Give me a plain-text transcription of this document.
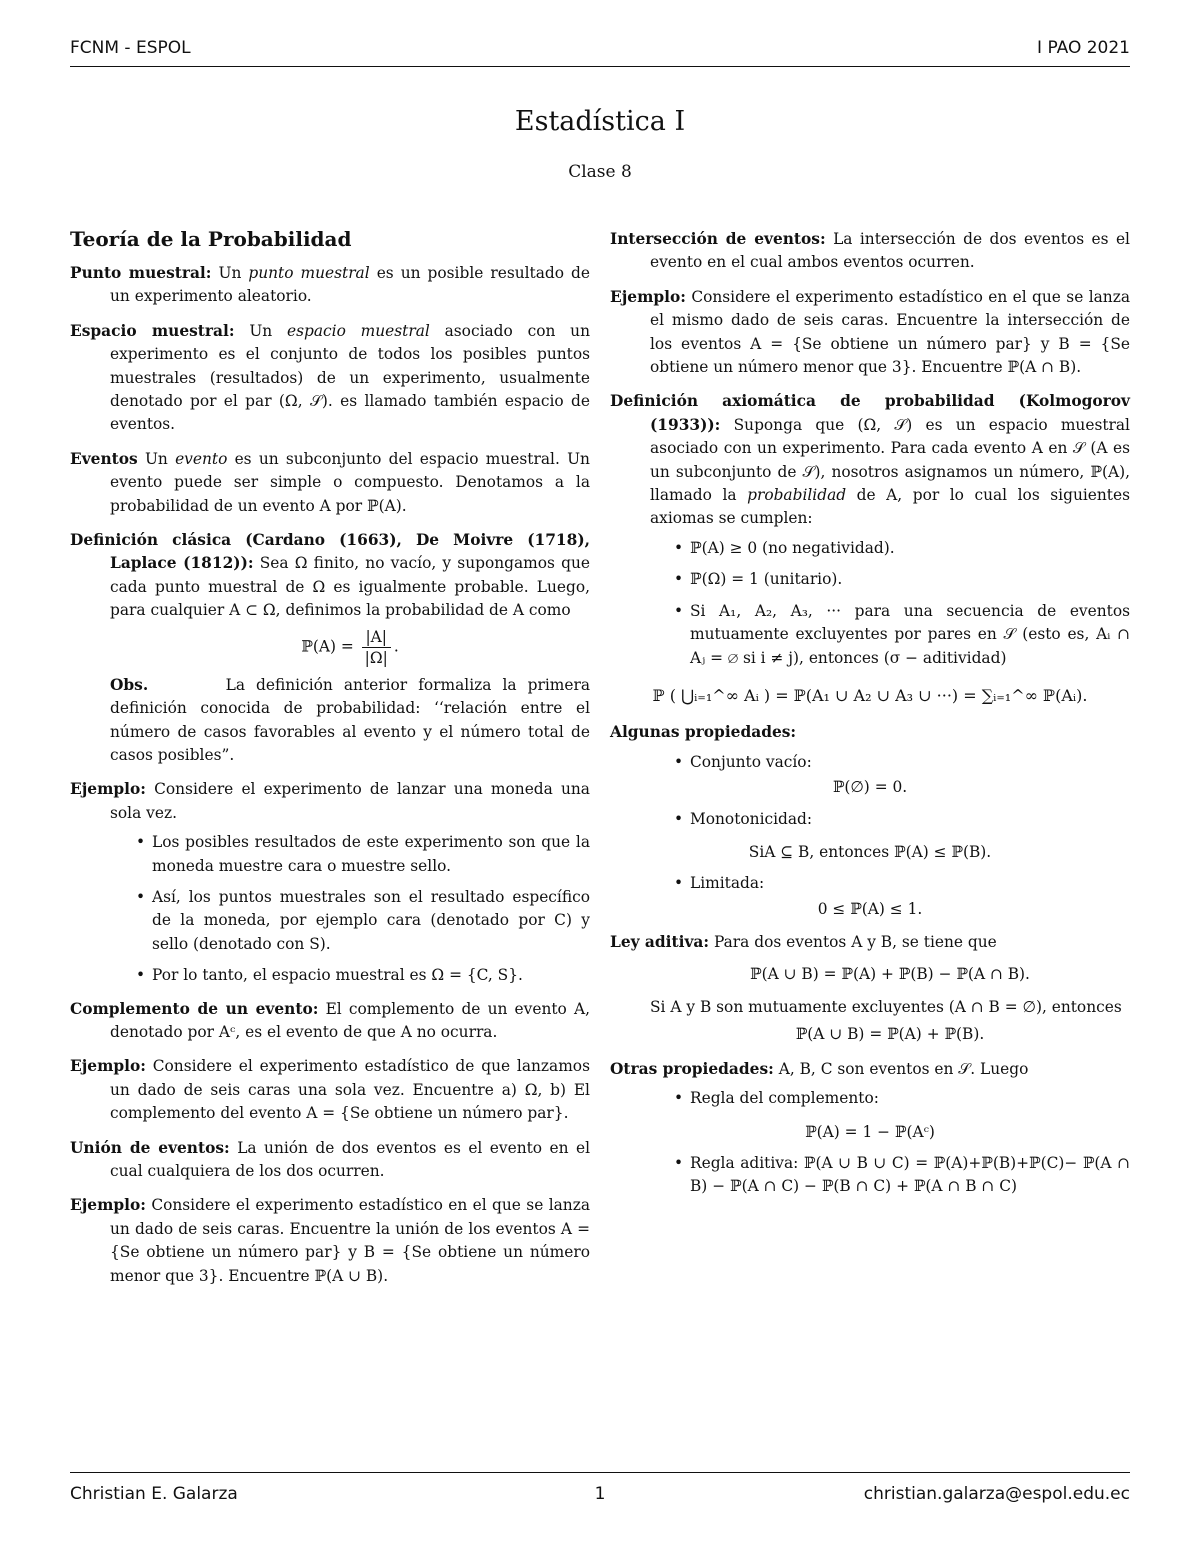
FCNM - ESPOL	I PAO 2021
Estadística I
Clase 8
Teoría de la Probabilidad

Punto muestral: Un punto muestral es un posible resultado de un experimento aleatorio.

Espacio muestral: Un espacio muestral asociado con un experimento es el conjunto de todos los posibles puntos muestrales (resultados) de un experimento, usualmente denotado por el par (Ω, 𝒮). es llamado también espacio de eventos.

Eventos Un evento es un subconjunto del espacio muestral. Un evento puede ser simple o compuesto. Denotamos a la probabilidad de un evento A por ℙ(A).

Definición clásica (Cardano (1663), De Moivre (1718), Laplace (1812)): Sea Ω finito, no vacío, y supongamos que cada punto muestral de Ω es igualmente probable. Luego, para cualquier A ⊂ Ω, definimos la probabilidad de A como
ℙ(A) = $\frac{|A|}{|\Omega|}$ .

Obs.	La definición anterior formaliza la primera definición conocida de probabilidad: ‘‘relación entre el número de casos favorables al evento y el número total de casos posibles”.

Ejemplo: Considere el experimento de lanzar una moneda una sola vez.

• Los posibles resultados de este experimento son que la moneda muestre cara o muestre sello.
• Así, los puntos muestrales son el resultado específico de la moneda, por ejemplo cara (denotado por C) y sello (denotado con S).
• Por lo tanto, el espacio muestral es Ω = {C, S}.

Complemento de un evento: El complemento de un evento A, denotado por Aᶜ, es el evento de que A no ocurra.

Ejemplo: Considere el experimento estadístico de que lanzamos un dado de seis caras una sola vez. Encuentre a) Ω, b) El complemento del evento A = {Se obtiene un número par}.

Unión de eventos: La unión de dos eventos es el evento en el cual cualquiera de los dos ocurren.

Ejemplo: Considere el experimento estadístico en el que se lanza un dado de seis caras. Encuentre la unión de los eventos A = {Se obtiene un número par} y B = {Se obtiene un número menor que 3}. Encuentre ℙ(A ∪ B).

Intersección de eventos: La intersección de dos eventos es el evento en el cual ambos eventos ocurren.

Ejemplo: Considere el experimento estadístico en el que se lanza el mismo dado de seis caras. Encuentre la intersección de los eventos A = {Se obtiene un número par} y B = {Se obtiene un número menor que 3}. Encuentre ℙ(A ∩ B).

Definición axiomática de probabilidad (Kolmogorov (1933)): Suponga que (Ω, 𝒮) es un espacio muestral asociado con un experimento. Para cada evento A en 𝒮 (A es un subconjunto de 𝒮), nosotros asignamos un número, ℙ(A), llamado la probabilidad de A, por lo cual los siguientes axiomas se cumplen:

• ℙ(A) ≥ 0 (no negatividad).
• ℙ(Ω) = 1 (unitario).
• Si A₁, A₂, A₃, ··· para una secuencia de eventos mutuamente excluyentes por pares en 𝒮 (esto es, Aᵢ ∩ Aⱼ = ∅ si i ≠ j), entonces (σ − aditividad)
ℙ ( ⋃ᵢ₌₁^∞ Aᵢ ) = ℙ(A₁ ∪ A₂ ∪ A₃ ∪ ···) = ∑ᵢ₌₁^∞ ℙ(Aᵢ).

Algunas propiedades:

• Conjunto vacío:
ℙ(∅) = 0.
• Monotonicidad:
SiA ⊆ B, entonces ℙ(A) ≤ ℙ(B).
• Limitada:
0 ≤ ℙ(A) ≤ 1.
Ley aditiva: Para dos eventos A y B, se tiene que
ℙ(A ∪ B) = ℙ(A) + ℙ(B) − ℙ(A ∩ B).
Si A y B son mutuamente excluyentes (A ∩ B = ∅), entonces
ℙ(A ∪ B) = ℙ(A) + ℙ(B).

Otras propiedades: A, B, C son eventos en 𝒮. Luego

• Regla del complemento:
ℙ(A) = 1 − ℙ(Aᶜ)
• Regla aditiva: ℙ(A ∪ B ∪ C) = ℙ(A)+ℙ(B)+ℙ(C)− ℙ(A ∩ B) − ℙ(A ∩ C) − ℙ(B ∩ C) + ℙ(A ∩ B ∩ C)
Christian E. Galarza	1	christian.galarza@espol.edu.ec
